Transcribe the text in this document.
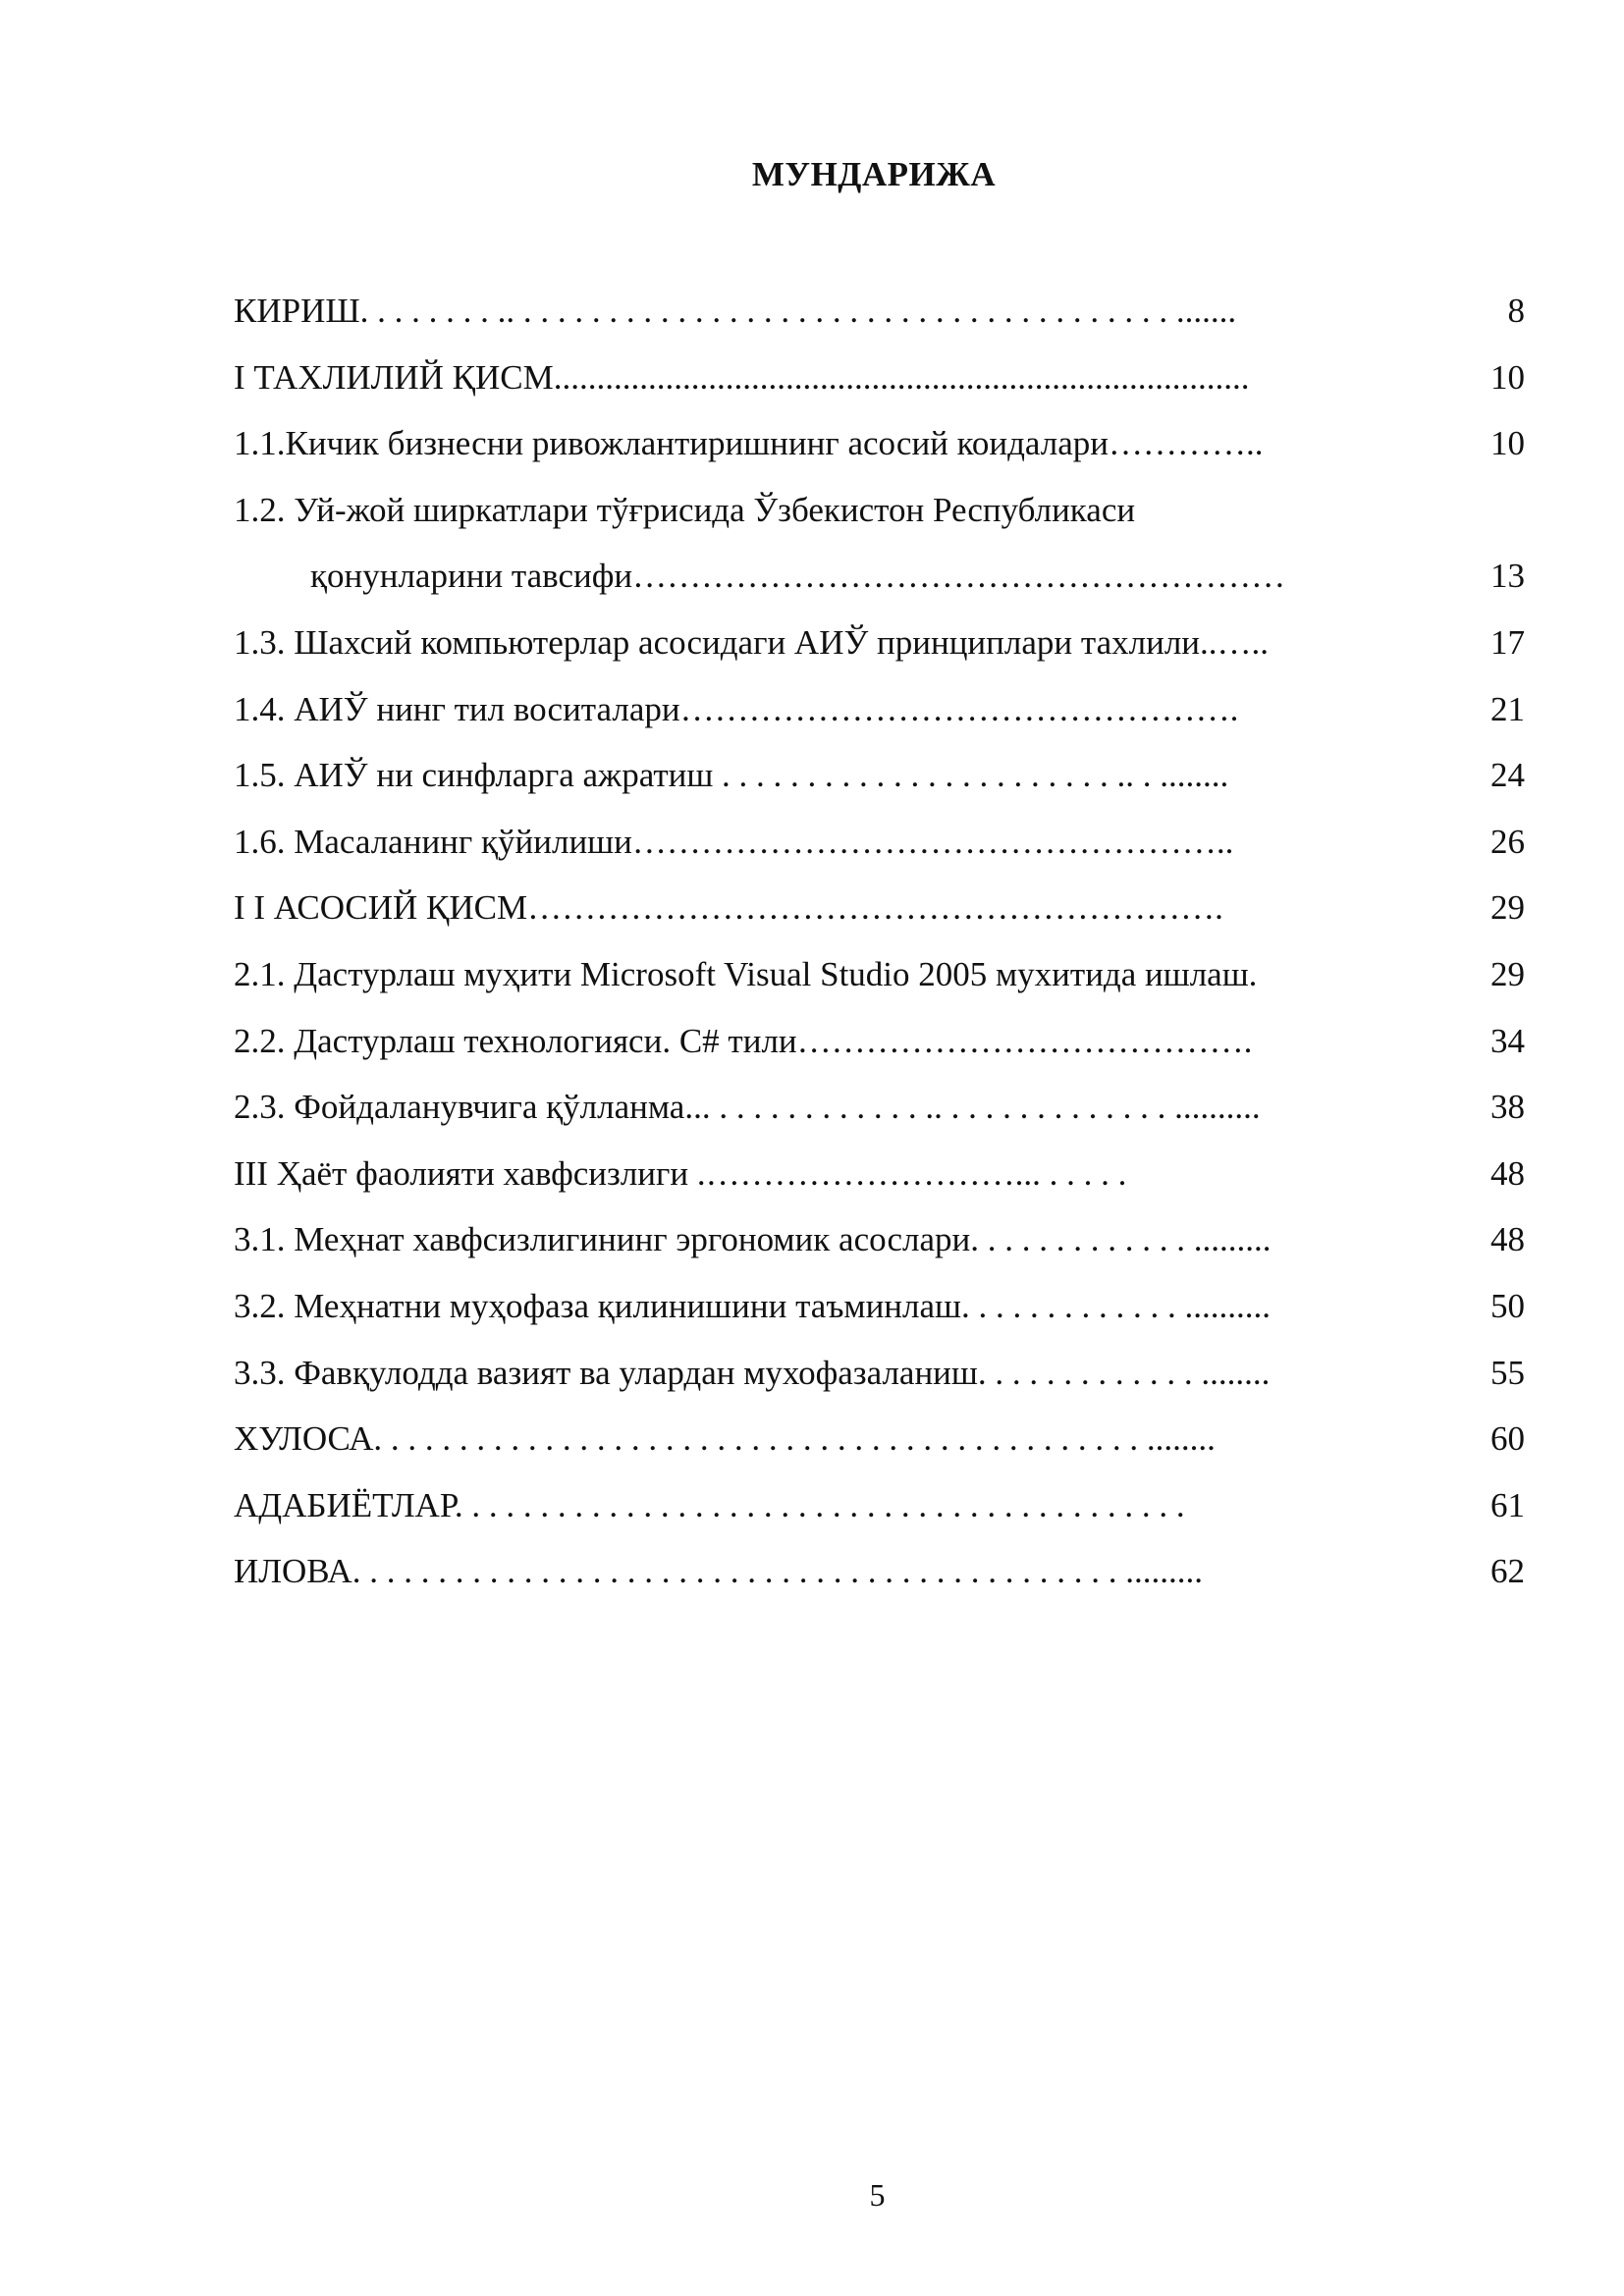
МУНДАРИЖА
КИРИШ. . . . . . . . .. . . . . . . . . . . . . . . . . . . . . . . . . . . . . . . . . . . . . . . .......	8
I ТАХЛИЛИЙ ҚИСМ.................................................................................	10
1.1.Кичик бизнесни ривожлантиришнинг асосий коидалари…………..	10
1.2. Уй-жой ширкатлари тўғрисида Ўзбекистон Республикаси
қонунларини тавсифи…………………………………………………	13
1.3. Шахсий компьютерлар асосидаги АИЎ принциплари тахлили..…..	17
1.4. АИЎ нинг тил воситалари………………………………………….	21
1.5. АИЎ ни синфларга ажратиш . . . . . . . . . . . . . . . . . . . . . . . .. . ........	24
1.6. Масаланинг қўйилиши……………………………………………..	26
I I АСОСИЙ ҚИСМ…………………………………………………….	29
2.1. Дастурлаш муҳити Microsoft Visual Studio 2005 мухитида ишлаш.	29
2.2. Дастурлаш технологияси. C# тили………………………………….	34
2.3. Фойдаланувчига қўлланма... . . . . . . . . . . . . .. . . . . . . . . . . . . . ..........	38
III Ҳаёт фаолияти хавфсизлиги .………………………... . . . . .	48
3.1. Меҳнат хавфсизлигининг эргономик асослари. . . . . . . . . . . . . .........	48
3.2. Меҳнатни муҳофаза қилинишини таъминлаш. . . . . . . . . . . . . ..........	50
3.3. Фавқулодда вазият ва улардан мухофазаланиш. . . . . . . . . . . . . ........	55
ХУЛОСА. . . . . . . . . . . . . . . . . . . . . . . . . . . . . . . . . . . . . . . . . . . . . ........	60
АДАБИЁТЛАР. . . . . . . . . . . . . . . . . . . . . . . . . . . . . . . . . . . . . . . . . . .	61
ИЛОВА. . . . . . . . . . . . . . . . . . . . . . . . . . . . . . . . . . . . . . . . . . . . . .........	62
5
